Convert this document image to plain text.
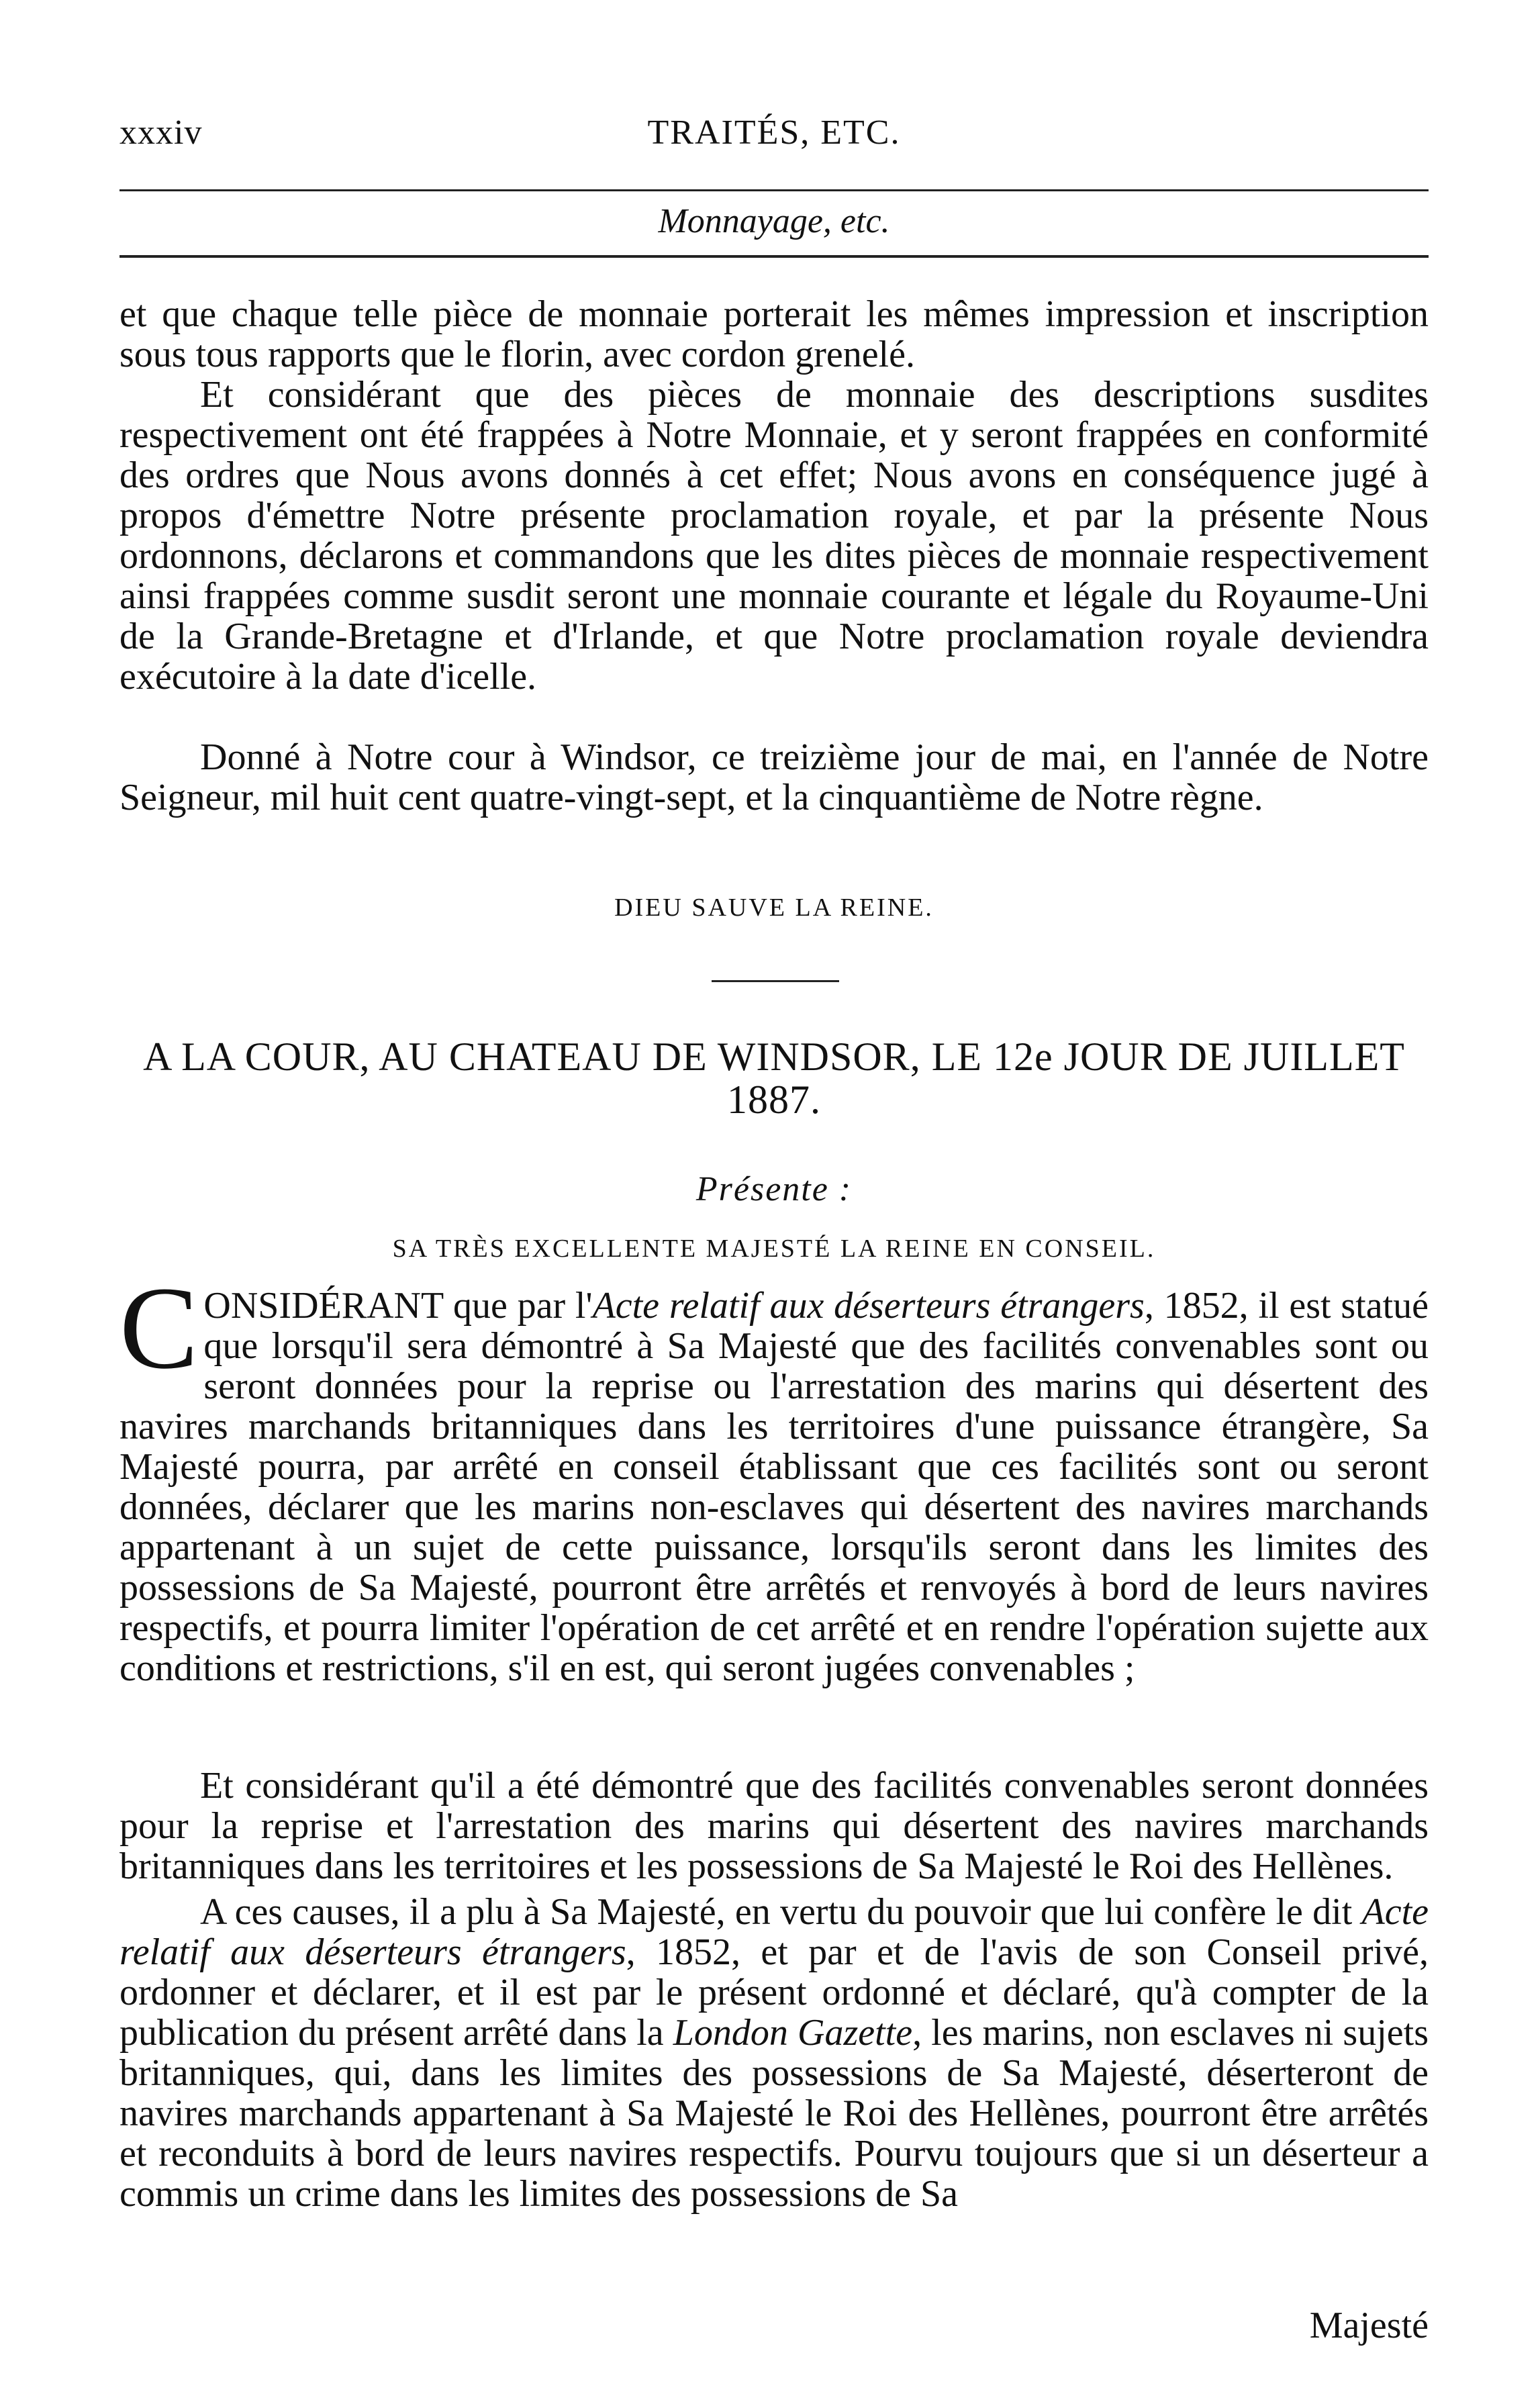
xxxiv	TRAITÉS, ETC.
Monnayage, etc.

et que chaque telle pièce de monnaie porterait les mêmes impression et inscription sous tous rapports que le florin, avec cordon grenelé.

Et considérant que des pièces de monnaie des descriptions susdites respectivement ont été frappées à Notre Monnaie, et y seront frappées en conformité des ordres que Nous avons donnés à cet effet; Nous avons en conséquence jugé à propos d'émettre Notre présente proclamation royale, et par la présente Nous ordonnons, déclarons et commandons que les dites pièces de monnaie respectivement ainsi frappées comme susdit seront une monnaie courante et légale du Royaume-Uni de la Grande-Bretagne et d'Irlande, et que Notre proclamation royale deviendra exécutoire à la date d'icelle.

Donné à Notre cour à Windsor, ce treizième jour de mai, en l'année de Notre Seigneur, mil huit cent quatre-vingt-sept, et la cinquantième de Notre règne.

DIEU SAUVE LA REINE.
A LA COUR, AU CHATEAU DE WINDSOR, LE 12e JOUR DE JUILLET 1887.
Présente :
SA TRÈS EXCELLENTE MAJESTÉ LA REINE EN CONSEIL.

CONSIDÉRANT que par l'Acte relatif aux déserteurs étrangers, 1852, il est statué que lorsqu'il sera démontré à Sa Majesté que des facilités convenables sont ou seront données pour la reprise ou l'arrestation des marins qui désertent des navires marchands britanniques dans les territoires d'une puissance étrangère, Sa Majesté pourra, par arrêté en conseil établissant que ces facilités sont ou seront données, déclarer que les marins non-esclaves qui désertent des navires marchands appartenant à un sujet de cette puissance, lorsqu'ils seront dans les limites des possessions de Sa Majesté, pourront être arrêtés et renvoyés à bord de leurs navires respectifs, et pourra limiter l'opération de cet arrêté et en rendre l'opération sujette aux conditions et restrictions, s'il en est, qui seront jugées convenables ;

Et considérant qu'il a été démontré que des facilités convenables seront données pour la reprise et l'arrestation des marins qui désertent des navires marchands britanniques dans les territoires et les possessions de Sa Majesté le Roi des Hellènes.

A ces causes, il a plu à Sa Majesté, en vertu du pouvoir que lui confère le dit Acte relatif aux déserteurs étrangers, 1852, et par et de l'avis de son Conseil privé, ordonner et déclarer, et il est par le présent ordonné et déclaré, qu'à compter de la publication du présent arrêté dans la London Gazette, les marins, non esclaves ni sujets britanniques, qui, dans les limites des possessions de Sa Majesté, déserteront de navires marchands appartenant à Sa Majesté le Roi des Hellènes, pourront être arrêtés et reconduits à bord de leurs navires respectifs. Pourvu toujours que si un déserteur a commis un crime dans les limites des possessions de Sa

Majesté
